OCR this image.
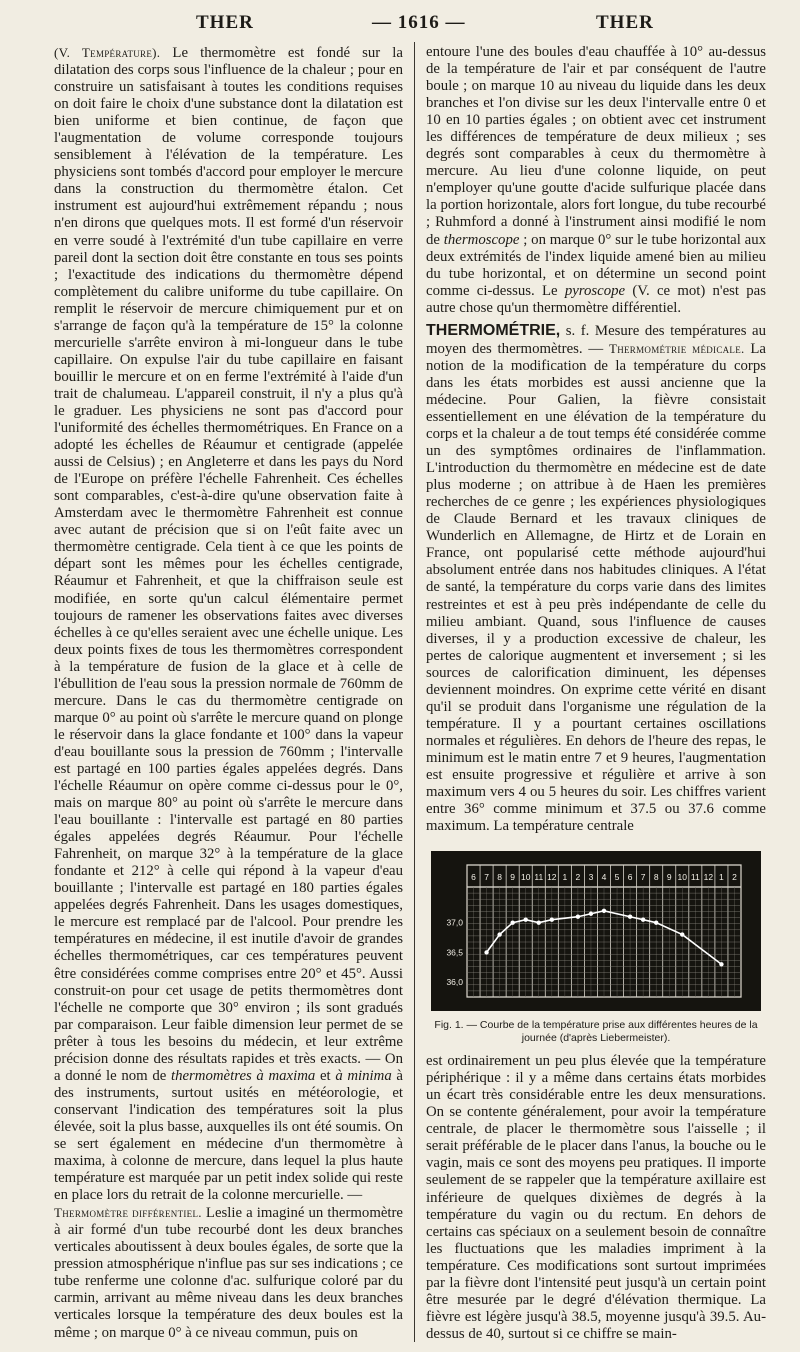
THER	— 1616 —	THER

(V. Température). Le thermomètre est fondé sur la dilatation des corps sous l'influence de la chaleur ; pour en construire un satisfaisant à toutes les conditions requises on doit faire le choix d'une substance dont la dilatation est bien uniforme et bien continue, de façon que l'augmentation de volume corresponde toujours sensiblement à l'élévation de la température. Les physiciens sont tombés d'accord pour employer le mercure dans la construction du thermomètre étalon. Cet instrument est aujourd'hui extrêmement répandu ; nous n'en dirons que quelques mots. Il est formé d'un réservoir en verre soudé à l'extrémité d'un tube capillaire en verre pareil dont la section doit être constante en tous ses points ; l'exactitude des indications du thermomètre dépend complètement du calibre uniforme du tube capillaire. On remplit le réservoir de mercure chimiquement pur et on s'arrange de façon qu'à la température de 15° la colonne mercurielle s'arrête environ à mi-longueur dans le tube capillaire. On expulse l'air du tube capillaire en faisant bouillir le mercure et on en ferme l'extrémité à l'aide d'un trait de chalumeau. L'appareil construit, il n'y a plus qu'à le graduer. Les physiciens ne sont pas d'accord pour l'uniformité des échelles thermométriques. En France on a adopté les échelles de Réaumur et centigrade (appelée aussi de Celsius) ; en Angleterre et dans les pays du Nord de l'Europe on préfère l'échelle Fahrenheit. Ces échelles sont comparables, c'est-à-dire qu'une observation faite à Amsterdam avec le thermomètre Fahrenheit est connue avec autant de précision que si on l'eût faite avec un thermomètre centigrade. Cela tient à ce que les points de départ sont les mêmes pour les échelles centigrade, Réaumur et Fahrenheit, et que la chiffraison seule est modifiée, en sorte qu'un calcul élémentaire permet toujours de ramener les observations faites avec diverses échelles à ce qu'elles seraient avec une échelle unique. Les deux points fixes de tous les thermomètres correspondent à la température de fusion de la glace et à celle de l'ébullition de l'eau sous la pression normale de 760mm de mercure. Dans le cas du thermomètre centigrade on marque 0° au point où s'arrête le mercure quand on plonge le réservoir dans la glace fondante et 100° dans la vapeur d'eau bouillante sous la pression de 760mm ; l'intervalle est partagé en 100 parties égales appelées degrés. Dans l'échelle Réaumur on opère comme ci-dessus pour le 0°, mais on marque 80° au point où s'arrête le mercure dans l'eau bouillante : l'intervalle est partagé en 80 parties égales appelées degrés Réaumur. Pour l'échelle Fahrenheit, on marque 32° à la température de la glace fondante et 212° à celle qui répond à la vapeur d'eau bouillante ; l'intervalle est partagé en 180 parties égales appelées degrés Fahrenheit. Dans les usages domestiques, le mercure est remplacé par de l'alcool. Pour prendre les températures en médecine, il est inutile d'avoir de grandes échelles thermométriques, car ces températures peuvent être considérées comme comprises entre 20° et 45°. Aussi construit-on pour cet usage de petits thermomètres dont l'échelle ne comporte que 30° environ ; ils sont gradués par comparaison. Leur faible dimension leur permet de se prêter à tous les besoins du médecin, et leur extrême précision donne des résultats rapides et très exacts. — On a donné le nom de thermomètres à maxima et à minima à des instruments, surtout usités en météorologie, et conservant l'indication des températures soit la plus élevée, soit la plus basse, auxquelles ils ont été soumis. On se sert également en médecine d'un thermomètre à maxima, à colonne de mercure, dans lequel la plus haute température est marquée par un petit index solide qui reste en place lors du retrait de la colonne mercurielle. —

Thermomètre différentiel. Leslie a imaginé un thermomètre à air formé d'un tube recourbé dont les deux branches verticales aboutissent à deux boules égales, de sorte que la pression atmosphérique n'influe pas sur ses indications ; ce tube renferme une colonne d'ac. sulfurique coloré par du carmin, arrivant au même niveau dans les deux branches verticales lorsque la température des deux boules est la même ; on marque 0° à ce niveau commun, puis on

entoure l'une des boules d'eau chauffée à 10° au-dessus de la température de l'air et par conséquent de l'autre boule ; on marque 10 au niveau du liquide dans les deux branches et l'on divise sur les deux l'intervalle entre 0 et 10 en 10 parties égales ; on obtient avec cet instrument les différences de température de deux milieux ; ses degrés sont comparables à ceux du thermomètre à mercure. Au lieu d'une colonne liquide, on peut n'employer qu'une goutte d'acide sulfurique placée dans la portion horizontale, alors fort longue, du tube recourbé ; Ruhmford a donné à l'instrument ainsi modifié le nom de thermoscope ; on marque 0° sur le tube horizontal aux deux extrémités de l'index liquide amené bien au milieu du tube horizontal, et on détermine un second point comme ci-dessus. Le pyroscope (V. ce mot) n'est pas autre chose qu'un thermomètre différentiel.

THERMOMÉTRIE, s. f. Mesure des températures au moyen des thermomètres. — Thermométrie médicale. La notion de la modification de la température du corps dans les états morbides est aussi ancienne que la médecine. Pour Galien, la fièvre consistait essentiellement en une élévation de la température du corps et la chaleur a de tout temps été considérée comme un des symptômes ordinaires de l'inflammation. L'introduction du thermomètre en médecine est de date plus moderne ; on attribue à de Haen les premières recherches de ce genre ; les expériences physiologiques de Claude Bernard et les travaux cliniques de Wunderlich en Allemagne, de Hirtz et de Lorain en France, ont popularisé cette méthode aujourd'hui absolument entrée dans nos habitudes cliniques. A l'état de santé, la température du corps varie dans des limites restreintes et est à peu près indépendante de celle du milieu ambiant. Quand, sous l'influence de causes diverses, il y a production excessive de chaleur, les pertes de calorique augmentent et inversement ; si les sources de calorification diminuent, les dépenses deviennent moindres. On exprime cette vérité en disant qu'il se produit dans l'organisme une régulation de la température. Il y a pourtant certaines oscillations normales et régulières. En dehors de l'heure des repas, le minimum est le matin entre 7 et 9 heures, l'augmentation est ensuite progressive et régulière et arrive à son maximum vers 4 ou 5 heures du soir. Les chiffres varient entre 36° comme minimum et 37.5 ou 37.6 comme maximum. La température centrale

6 7 8 9 10 11 12 1 2 3 4 5 6 7 8 9 10 11 12 1 2
37,0
36,5
36,0
Fig. 1. — Courbe de la température prise aux différentes heures de la journée (d'après Liebermeister).

est ordinairement un peu plus élevée que la température périphérique : il y a même dans certains états morbides un écart très considérable entre les deux mensurations. On se contente généralement, pour avoir la température centrale, de placer le thermomètre sous l'aisselle ; il serait préférable de le placer dans l'anus, la bouche ou le vagin, mais ce sont des moyens peu pratiques. Il importe seulement de se rappeler que la température axillaire est inférieure de quelques dixièmes de degrés à la température du vagin ou du rectum. En dehors de certains cas spéciaux on a seulement besoin de connaître les fluctuations que les maladies impriment à la température. Ces modifications sont surtout imprimées par la fièvre dont l'intensité peut jusqu'à un certain point être mesurée par le degré d'élévation thermique. La fièvre est légère jusqu'à 38.5, moyenne jusqu'à 39.5. Au-dessus de 40, surtout si ce chiffre se main-
